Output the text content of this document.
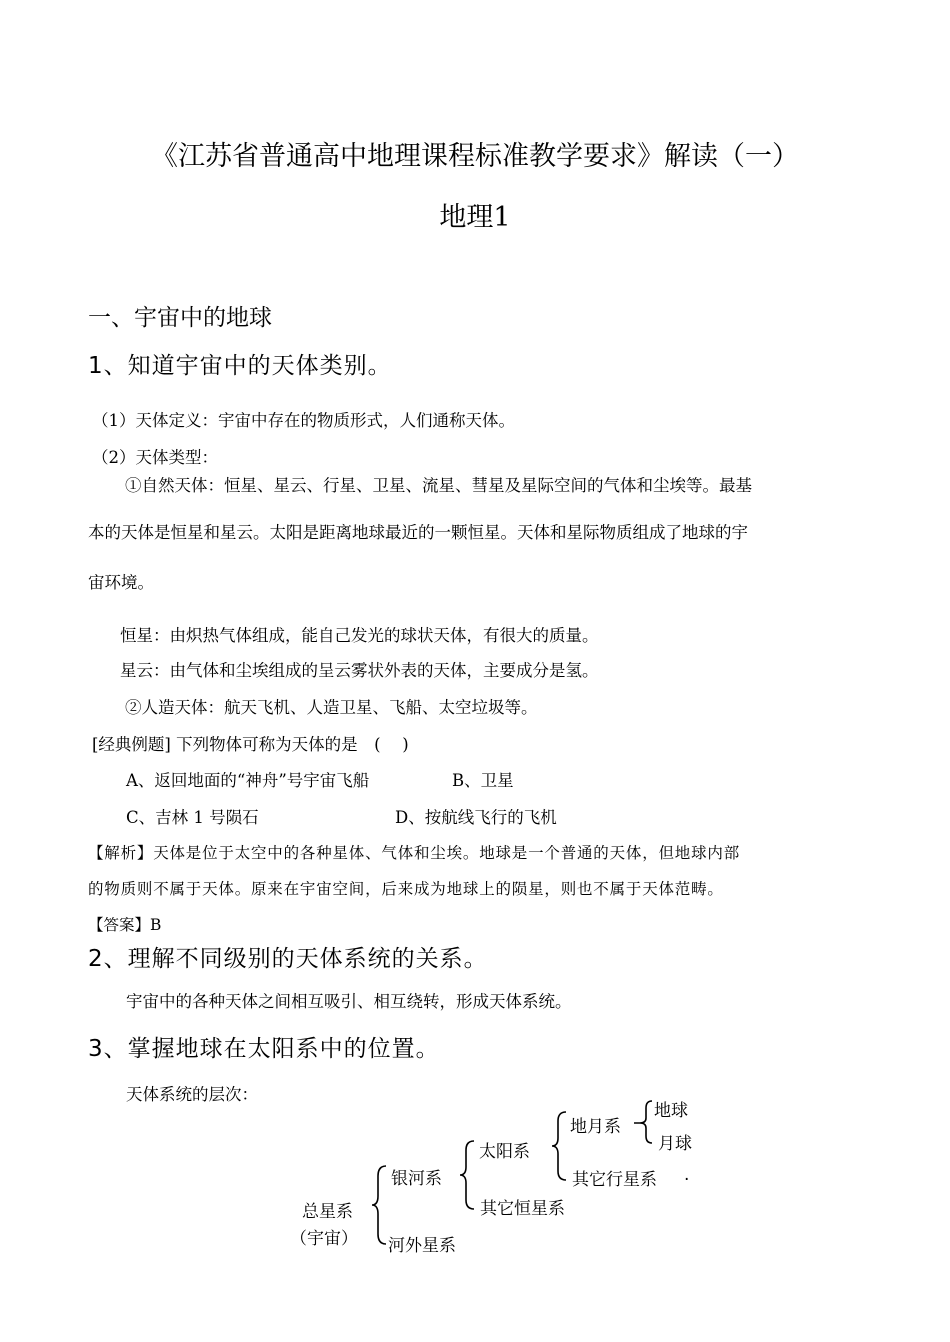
《江苏省普通高中地理课程标准教学要求》解读（一）
地理1
一、宇宙中的地球
1、知道宇宙中的天体类别。
（1）天体定义：宇宙中存在的物质形式，人们通称天体。
（2）天体类型：
①自然天体：恒星、星云、行星、卫星、流星、彗星及星际空间的气体和尘埃等。最基
本的天体是恒星和星云。太阳是距离地球最近的一颗恒星。天体和星际物质组成了地球的宇
宙环境。
恒星：由炽热气体组成，能自己发光的球状天体，有很大的质量。
星云：由气体和尘埃组成的呈云雾状外表的天体，主要成分是氢。
②人造天体：航天飞机、人造卫星、飞船、太空垃圾等。
[经典例题] 下列物体可称为天体的是　( 　)
A、返回地面的“神舟”号宇宙飞船	B、卫星
C、吉林 1 号陨石	D、按航线飞行的飞机
【解析】天体是位于太空中的各种星体、气体和尘埃。地球是一个普通的天体，但地球内部
的物质则不属于天体。原来在宇宙空间，后来成为地球上的陨星，则也不属于天体范畴。
【答案】B
2、理解不同级别的天体系统的关系。
宇宙中的各种天体之间相互吸引、相互绕转，形成天体系统。
3、掌握地球在太阳系中的位置。
天体系统的层次：
总星系
（宇宙）
银河系
河外星系
太阳系
其它恒星系
地月系
其它行星系 .
地球
月球
